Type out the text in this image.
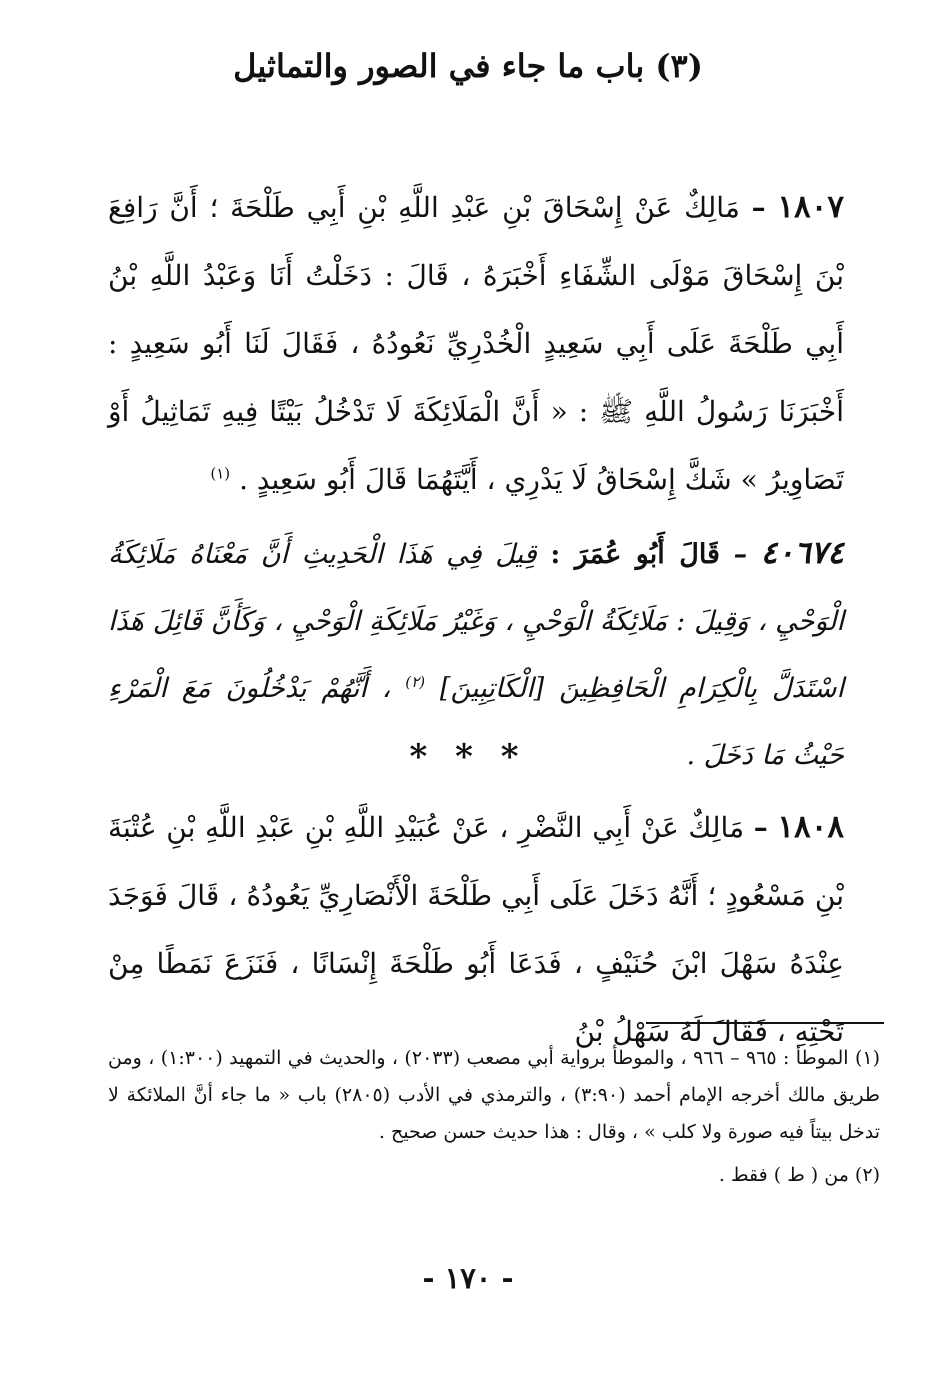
(٣) باب ما جاء في الصور والتماثيل

١٨٠٧ – مَالِكٌ عَنْ إِسْحَاقَ بْنِ عَبْدِ اللَّهِ بْنِ أَبِي طَلْحَةَ ؛ أَنَّ رَافِعَ بْنَ إِسْحَاقَ مَوْلَى الشِّفَاءِ أَخْبَرَهُ ، قَالَ : دَخَلْتُ أَنَا وَعَبْدُ اللَّهِ بْنُ أَبِي طَلْحَةَ عَلَى أَبِي سَعِيدٍ الْخُدْرِيِّ نَعُودُهُ ، فَقَالَ لَنَا أَبُو سَعِيدٍ : أَخْبَرَنَا رَسُولُ اللَّهِ ﷺ : « أَنَّ الْمَلَائِكَةَ لَا تَدْخُلُ بَيْتًا فِيهِ تَمَاثِيلُ أَوْ تَصَاوِيرُ » شَكَّ إِسْحَاقُ لَا يَدْرِي ، أَيَّتَهُمَا قَالَ أَبُو سَعِيدٍ . $^{(١)}$

٤٠٦٧٤ – قَالَ أَبُو عُمَرَ : قِيلَ فِي هَذَا الْحَدِيثِ أَنَّ مَعْنَاهُ مَلَائِكَةُ الْوَحْيِ ، وَقِيلَ : مَلَائِكَةُ الْوَحْيِ ، وَغَيْرُ مَلَائِكَةِ الْوَحْيِ ، وَكَأَنَّ قَائِلَ هَذَا اسْتَدَلَّ بِالْكِرَامِ الْحَافِظِينَ [الْكَاتِبِينَ] $^{(٢)}$ ، أَنَّهُمْ يَدْخُلُونَ مَعَ الْمَرْءِ حَيْثُ مَا دَخَلَ .

* * *

١٨٠٨ – مَالِكٌ عَنْ أَبِي النَّضْرِ ، عَنْ عُبَيْدِ اللَّهِ بْنِ عَبْدِ اللَّهِ بْنِ عُتْبَةَ بْنِ مَسْعُودٍ ؛ أَنَّهُ دَخَلَ عَلَى أَبِي طَلْحَةَ الْأَنْصَارِيِّ يَعُودُهُ ، قَالَ فَوَجَدَ عِنْدَهُ سَهْلَ ابْنَ حُنَيْفٍ ، فَدَعَا أَبُو طَلْحَةَ إِنْسَانًا ، فَنَزَعَ نَمَطًا مِنْ تَحْتِهِ ، فَقَالَ لَهُ سَهْلُ بْنُ

(١) الموطأ : ٩٦٥ – ٩٦٦ ، والموطأ برواية أبي مصعب (٢٠٣٣) ، والحديث في التمهيد (١:٣٠٠) ، ومن طريق مالك أخرجه الإمام أحمد (٣:٩٠) ، والترمذي في الأدب (٢٨٠٥) باب « ما جاء أنَّ الملائكة لا تدخل بيتاً فيه صورة ولا كلب » ، وقال : هذا حديث حسن صحيح .

(٢) من ( ط ) فقط .

- ١٧٠ -
